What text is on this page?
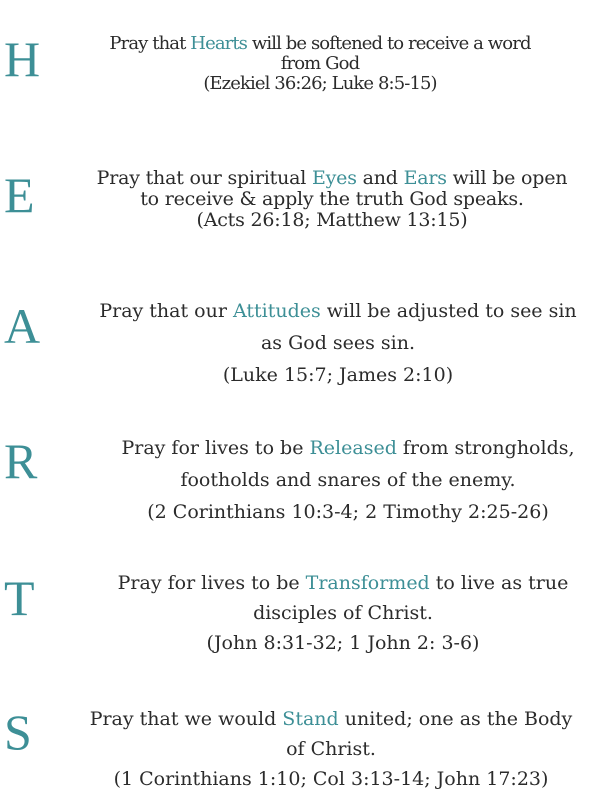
H	Pray that Hearts will be softened to receive a word
from God
(Ezekiel 36:26; Luke 8:5-15)
E	Pray that our spiritual Eyes and Ears will be open
to receive & apply the truth God speaks.
(Acts 26:18; Matthew 13:15)
A	Pray that our Attitudes will be adjusted to see sin
as God sees sin.
(Luke 15:7; James 2:10)
R	Pray for lives to be Released from strongholds,
footholds and snares of the enemy.
(2 Corinthians 10:3-4; 2 Timothy 2:25-26)
T	Pray for lives to be Transformed to live as true
disciples of Christ.
(John 8:31-32; 1 John 2: 3-6)
S	Pray that we would Stand united; one as the Body
of Christ.
(1 Corinthians 1:10; Col 3:13-14; John 17:23)
